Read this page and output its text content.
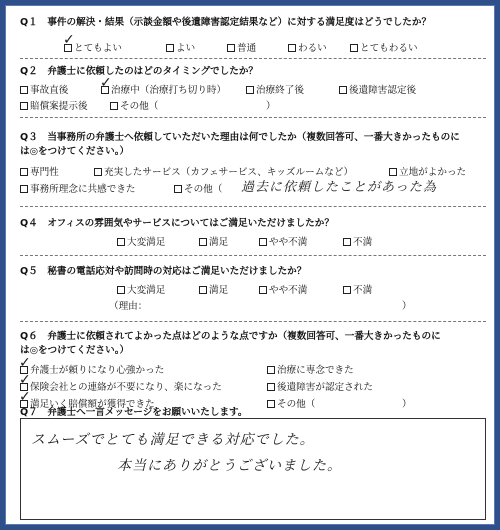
Q１　事件の解決・結果（示談金額や後遺障害認定結果など）に対する満足度はどうでしたか？
とてもよい
✓
よい	普通	わるい	とてもわるい
Q２　弁護士に依頼したのはどのタイミングでしたか？
事故直後	治療中（治療打ち切り時）
✓	治療終了後	後遺障害認定後
賠償案提示後	その他（	）
Q３　当事務所の弁護士へ依頼していただいた理由は何でしたか（複数回答可、一番大きかったものに
は◎をつけてください。）
専門性	充実したサービス（カフェサービス、キッズルームなど）	立地がよかった
事務所理念に共感できた	その他（ 過去に依頼したことがあった為
Q４　オフィスの雰囲気やサービスについてはご満足いただけましたか？
大変満足	満足	やや不満	不満
Q５　秘書の電話応対や訪問時の対応はご満足いただけましたか？
大変満足	満足	やや不満	不満
（理由：	）
Q６　弁護士に依頼されてよかった点はどのような点ですか（複数回答可、一番大きかったものに
は◎をつけてください。）
弁護士が頼りになり心強かった
✓	治療に専念できた
保険会社との連絡が不要になり、楽になった
✓	後遺障害が認定された
満足いく賠償額が獲得できた
✓	その他（	）
Q７　弁護士へ一言メッセージをお願いいたします。
スムーズでとても満足できる対応でした。
本当にありがとうございました。
